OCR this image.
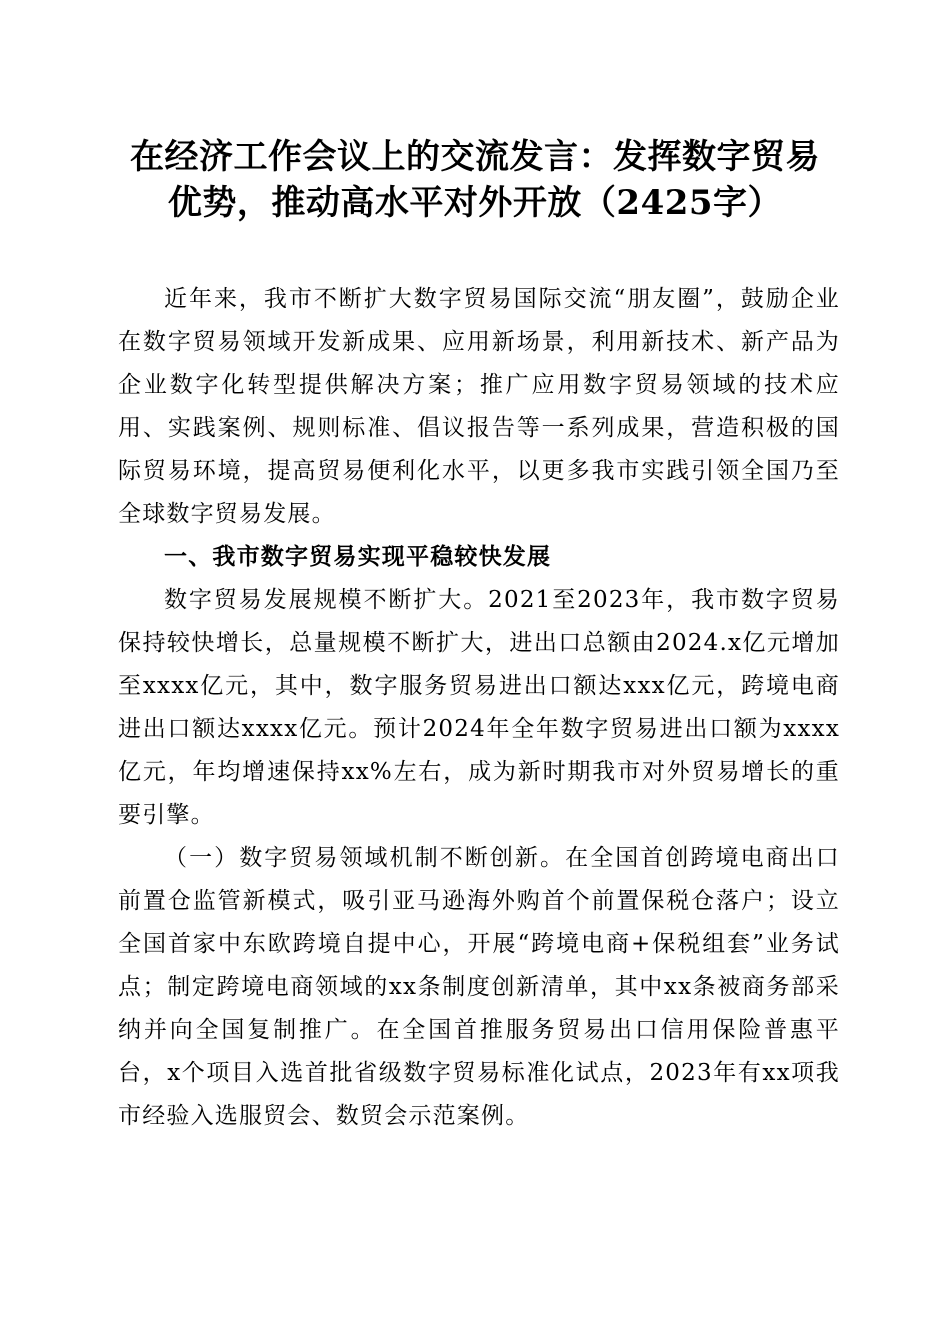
在经济工作会议上的交流发言：发挥数字贸易
优势，推动高水平对外开放（2425字）

近年来，我市不断扩大数字贸易国际交流“朋友圈”，鼓励企业在数字贸易领域开发新成果、应用新场景，利用新技术、新产品为企业数字化转型提供解决方案；推广应用数字贸易领域的技术应用、实践案例、规则标准、倡议报告等一系列成果，营造积极的国际贸易环境，提高贸易便利化水平，以更多我市实践引领全国乃至全球数字贸易发展。

一、我市数字贸易实现平稳较快发展

数字贸易发展规模不断扩大。2021至2023年，我市数字贸易保持较快增长，总量规模不断扩大，进出口总额由2024.x亿元增加至xxxx亿元，其中，数字服务贸易进出口额达xxx亿元，跨境电商进出口额达xxxx亿元。预计2024年全年数字贸易进出口额为xxxx亿元，年均增速保持xx%左右，成为新时期我市对外贸易增长的重要引擎。

（一）数字贸易领域机制不断创新。在全国首创跨境电商出口前置仓监管新模式，吸引亚马逊海外购首个前置保税仓落户；设立全国首家中东欧跨境自提中心，开展“跨境电商+保税组套”业务试点；制定跨境电商领域的xx条制度创新清单，其中xx条被商务部采纳并向全国复制推广。在全国首推服务贸易出口信用保险普惠平台，x个项目入选首批省级数字贸易标准化试点，2023年有xx项我市经验入选服贸会、数贸会示范案例。
